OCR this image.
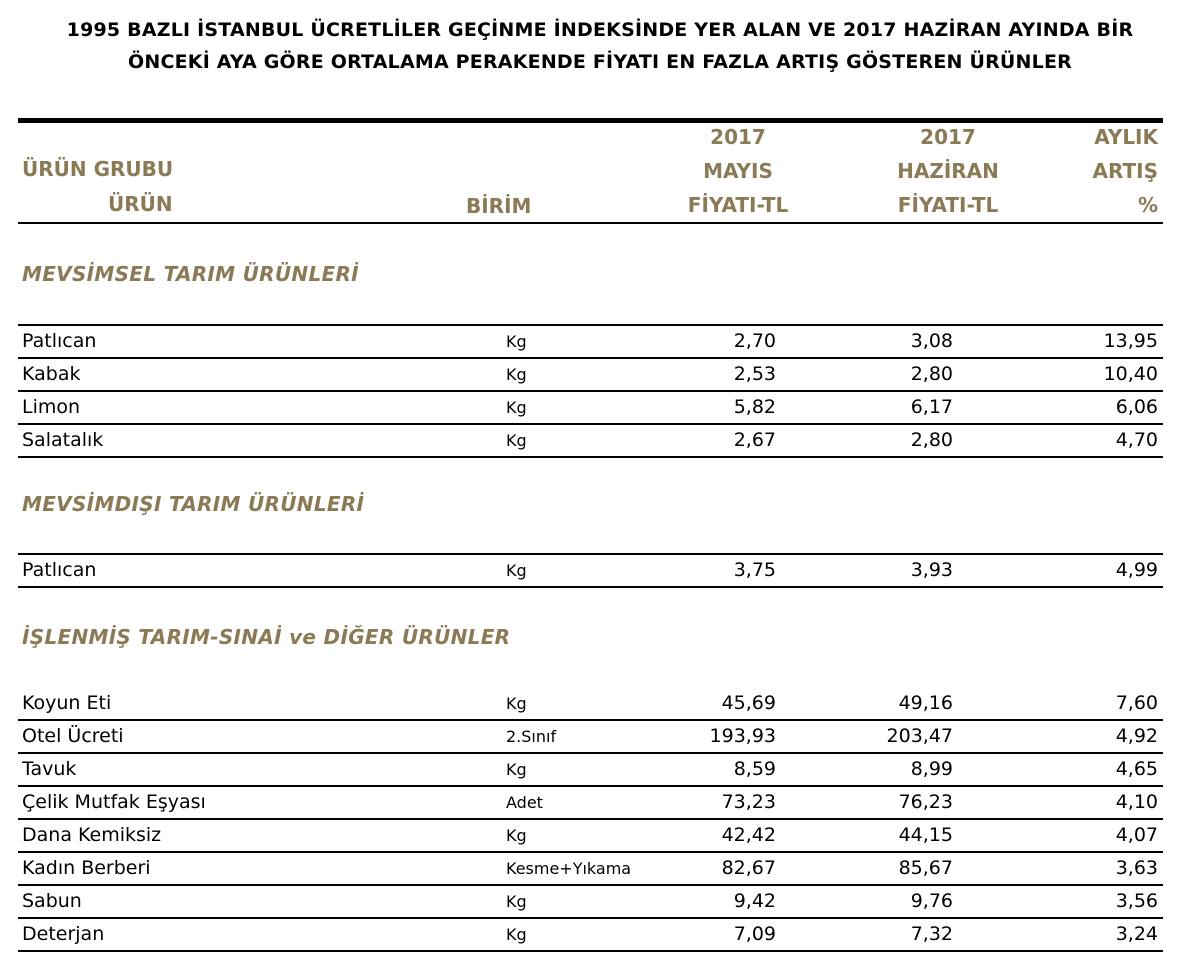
1995 BAZLI İSTANBUL ÜCRETLİLER GEÇİNME İNDEKSİNDE YER ALAN VE 2017 HAZİRAN AYINDA BİR
ÖNCEKİ AYA GÖRE ORTALAMA PERAKENDE FİYATI EN FAZLA ARTIŞ GÖSTEREN ÜRÜNLER
ÜRÜN GRUBU
ÜRÜN	BİRİM
2017
MAYIS
FİYATI-TL
2017
HAZİRAN
FİYATI-TL
AYLIK
ARTIŞ
%
MEVSİMSEL TARIM ÜRÜNLERİ
Patlıcan	Kg	2,70	3,08	13,95
Kabak	Kg	2,53	2,80	10,40
Limon	Kg	5,82	6,17	6,06
Salatalık	Kg	2,67	2,80	4,70
MEVSİMDIŞI TARIM ÜRÜNLERİ
Patlıcan	Kg	3,75	3,93	4,99
İŞLENMİŞ TARIM-SINAİ ve DİĞER ÜRÜNLER
Koyun Eti	Kg	45,69	49,16	7,60
Otel Ücreti	2.Sınıf	193,93	203,47	4,92
Tavuk	Kg	8,59	8,99	4,65
Çelik Mutfak Eşyası	Adet	73,23	76,23	4,10
Dana Kemiksiz	Kg	42,42	44,15	4,07
Kadın Berberi	Kesme+Yıkama	82,67	85,67	3,63
Sabun	Kg	9,42	9,76	3,56
Deterjan	Kg	7,09	7,32	3,24
